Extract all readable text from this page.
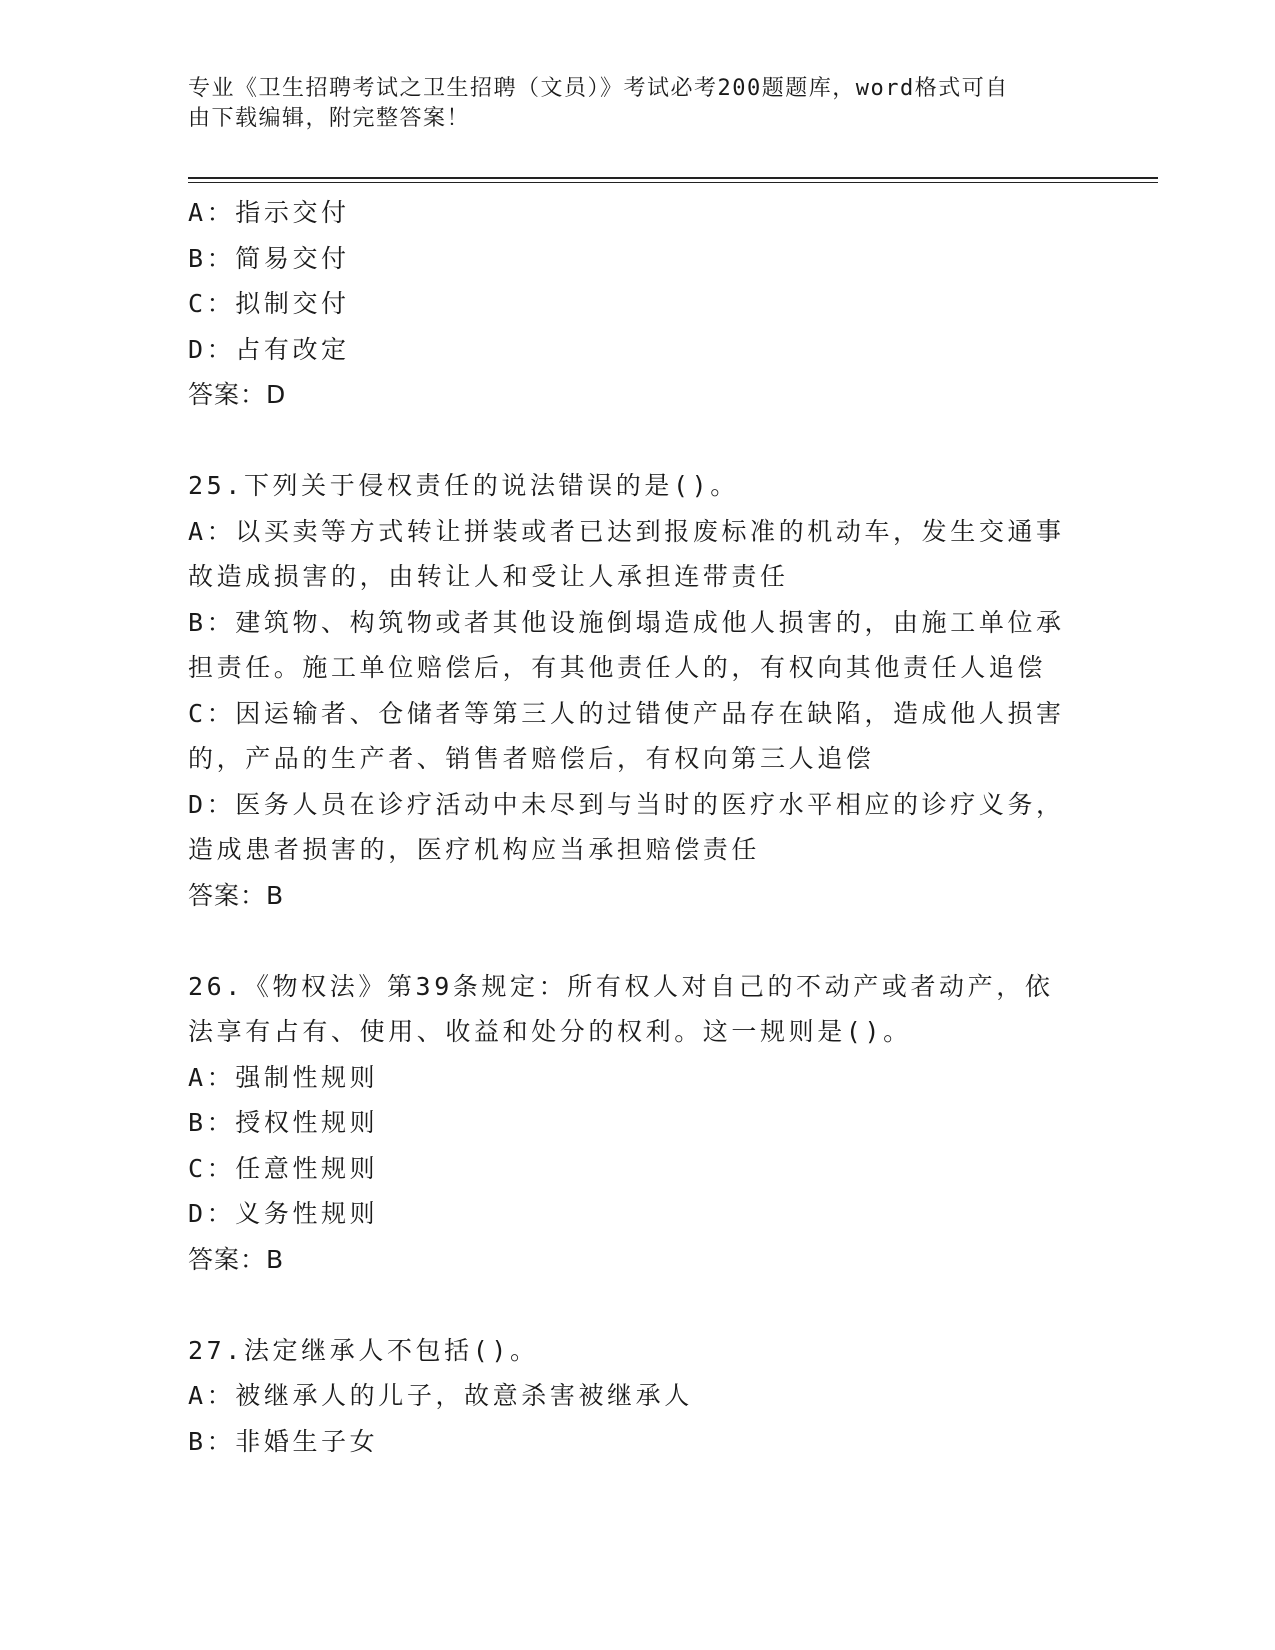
专业《卫生招聘考试之卫生招聘（文员）》考试必考200题题库，word格式可自
由下载编辑，附完整答案！
A：指示交付
B：简易交付
C：拟制交付
D：占有改定
答案：D
25.下列关于侵权责任的说法错误的是()。
A：以买卖等方式转让拼装或者已达到报废标准的机动车，发生交通事
故造成损害的，由转让人和受让人承担连带责任
B：建筑物、构筑物或者其他设施倒塌造成他人损害的，由施工单位承
担责任。施工单位赔偿后，有其他责任人的，有权向其他责任人追偿
C：因运输者、仓储者等第三人的过错使产品存在缺陷，造成他人损害
的，产品的生产者、销售者赔偿后，有权向第三人追偿
D：医务人员在诊疗活动中未尽到与当时的医疗水平相应的诊疗义务，
造成患者损害的，医疗机构应当承担赔偿责任
答案：B
26.《物权法》第39条规定：所有权人对自己的不动产或者动产，依
法享有占有、使用、收益和处分的权利。这一规则是()。
A：强制性规则
B：授权性规则
C：任意性规则
D：义务性规则
答案：B
27.法定继承人不包括()。
A：被继承人的儿子，故意杀害被继承人
B：非婚生子女
